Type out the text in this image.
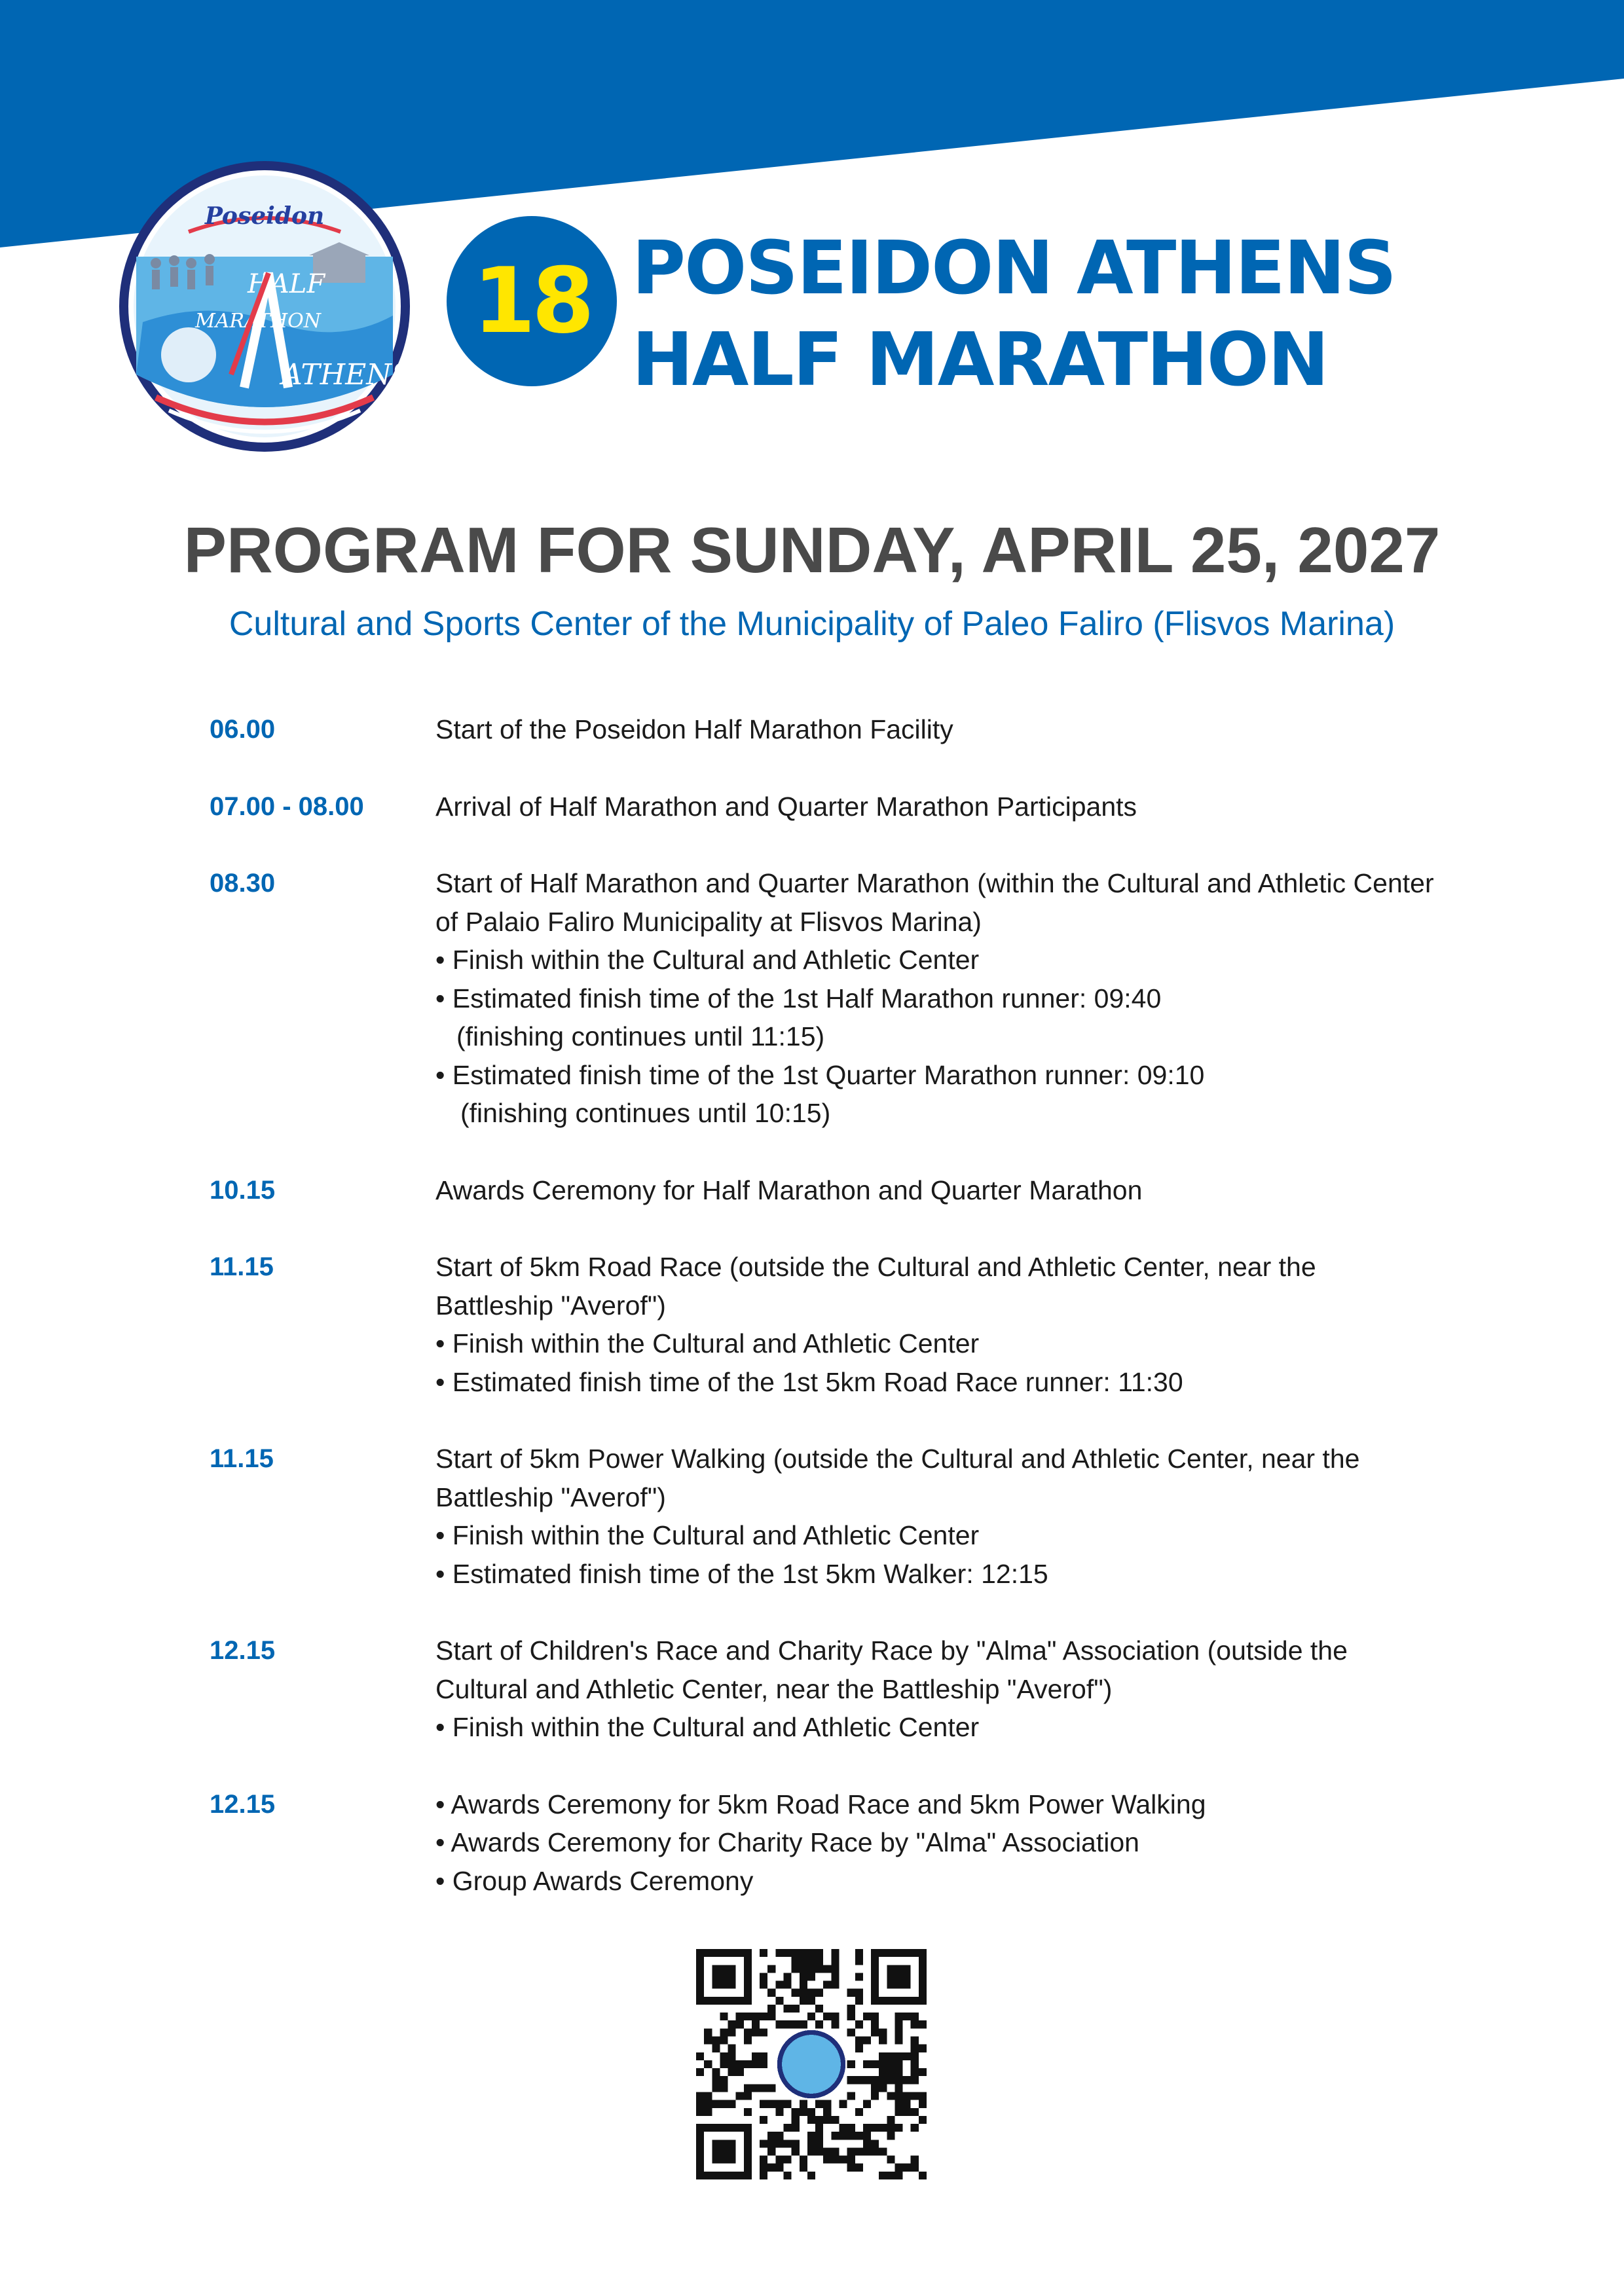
Poseidon
HALF
MARATHON
ATHENS
18 POSEIDON ATHENS
HALF MARATHON
PROGRAM FOR SUNDAY, APRIL 25, 2027
Cultural and Sports Center of the Municipality of Paleo Faliro (Flisvos Marina)
06.00	Start of the Poseidon Half Marathon Facility
07.00 - 08.00	Arrival of Half Marathon and Quarter Marathon Participants
08.30	Start of Half Marathon and Quarter Marathon (within the Cultural and Athletic Center
of Palaio Faliro Municipality at Flisvos Marina)
• Finish within the Cultural and Athletic Center
• Estimated finish time of the 1st Half Marathon runner: 09:40
(finishing continues until 11:15)
• Estimated finish time of the 1st Quarter Marathon runner: 09:10
(finishing continues until 10:15)
10.15	Awards Ceremony for Half Marathon and Quarter Marathon
11.15	Start of 5km Road Race (outside the Cultural and Athletic Center, near the
Battleship "Averof")
• Finish within the Cultural and Athletic Center
• Estimated finish time of the 1st 5km Road Race runner: 11:30
11.15	Start of 5km Power Walking (outside the Cultural and Athletic Center, near the
Battleship "Averof")
• Finish within the Cultural and Athletic Center
• Estimated finish time of the 1st 5km Walker: 12:15
12.15	Start of Children's Race and Charity Race by "Alma" Association (outside the
Cultural and Athletic Center, near the Battleship "Averof")
• Finish within the Cultural and Athletic Center
12.15	• Awards Ceremony for 5km Road Race and 5km Power Walking
• Awards Ceremony for Charity Race by "Alma" Association
• Group Awards Ceremony
